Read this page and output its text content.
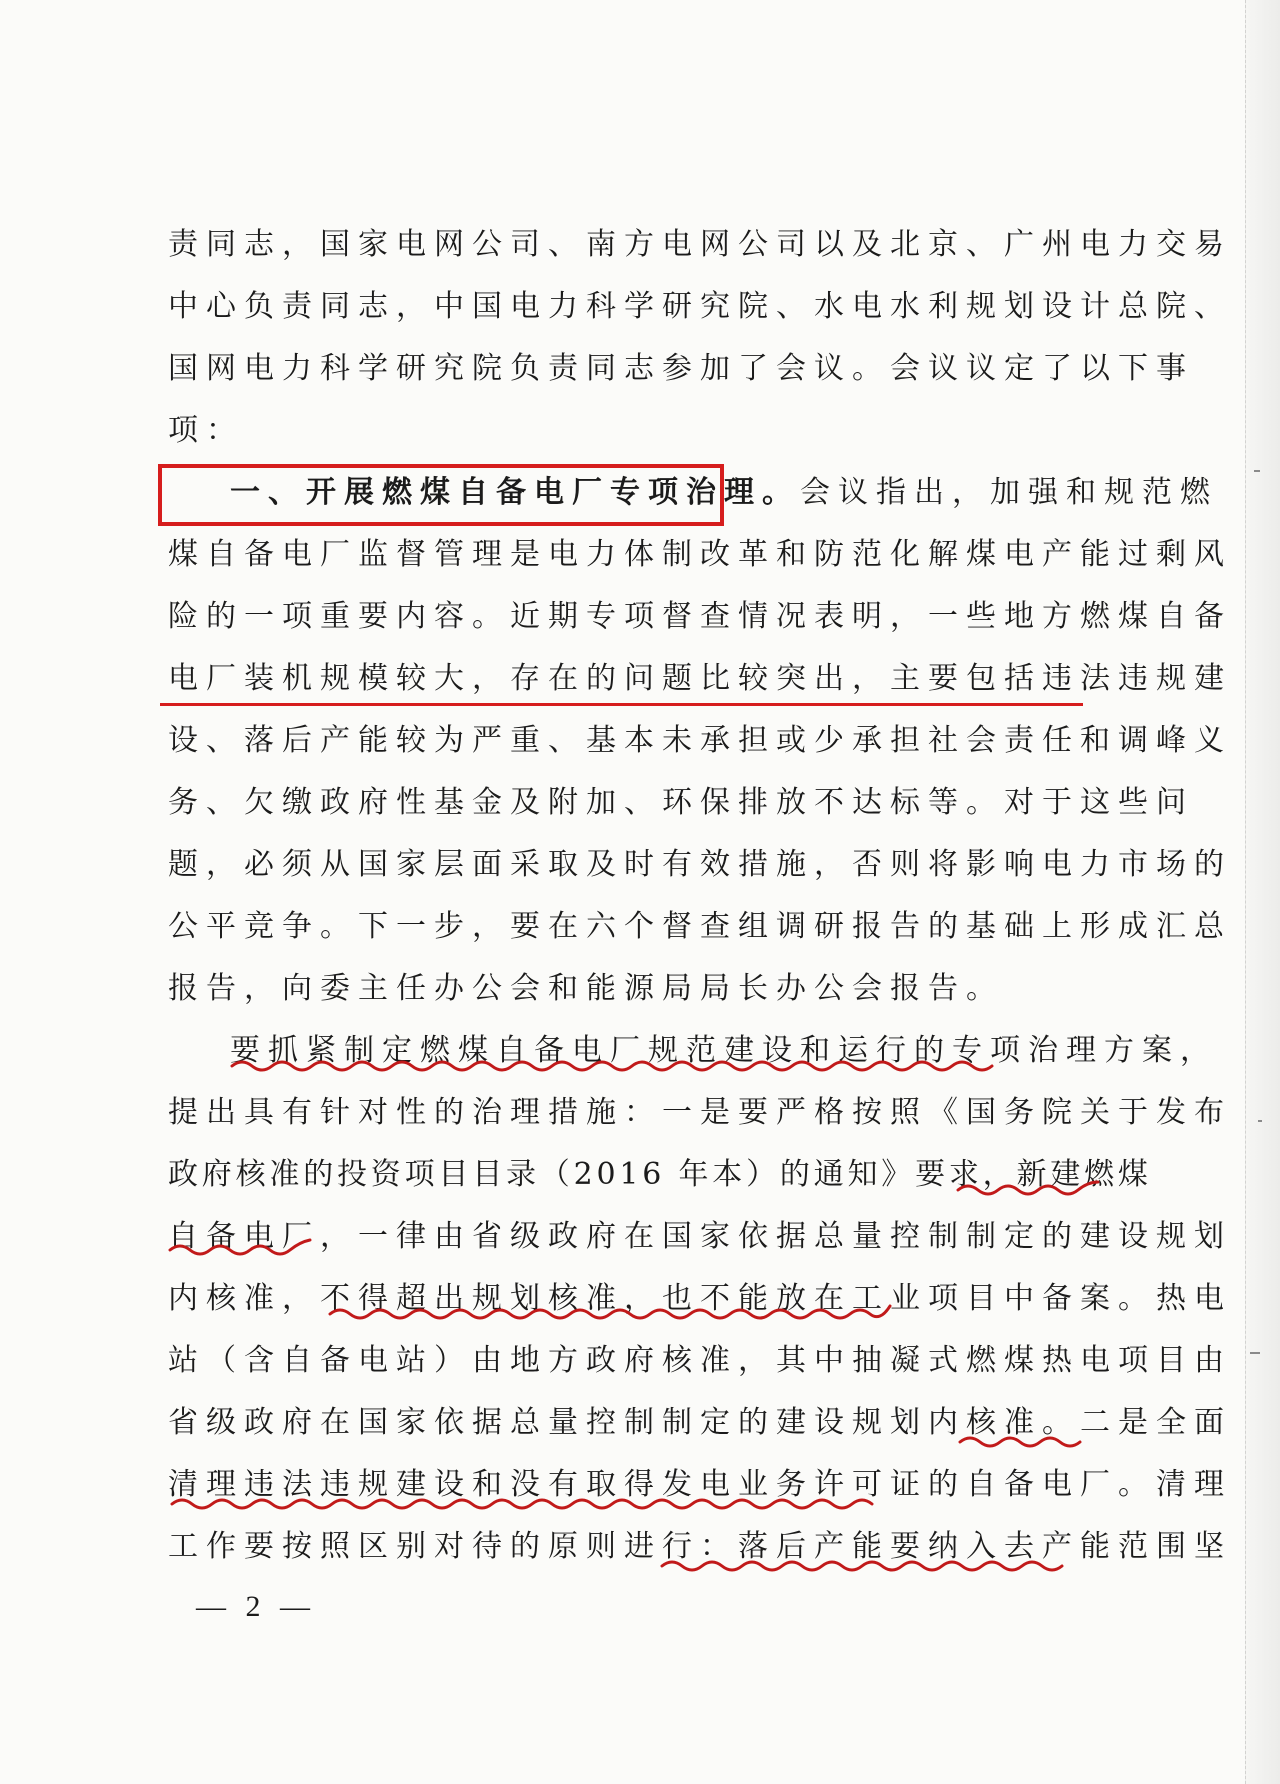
责同志，国家电网公司、南方电网公司以及北京、广州电力交易
中心负责同志，中国电力科学研究院、水电水利规划设计总院、
国网电力科学研究院负责同志参加了会议。会议议定了以下事
项：
一、开展燃煤自备电厂专项治理。会议指出，加强和规范燃
煤自备电厂监督管理是电力体制改革和防范化解煤电产能过剩风
险的一项重要内容。近期专项督查情况表明，一些地方燃煤自备
电厂装机规模较大，存在的问题比较突出，主要包括违法违规建
设、落后产能较为严重、基本未承担或少承担社会责任和调峰义
务、欠缴政府性基金及附加、环保排放不达标等。对于这些问
题，必须从国家层面采取及时有效措施，否则将影响电力市场的
公平竞争。下一步，要在六个督查组调研报告的基础上形成汇总
报告，向委主任办公会和能源局局长办公会报告。
要抓紧制定燃煤自备电厂规范建设和运行的专项治理方案，
提出具有针对性的治理措施：一是要严格按照《国务院关于发布
政府核准的投资项目目录（2016 年本）的通知》要求，新建燃煤
自备电厂，一律由省级政府在国家依据总量控制制定的建设规划
内核准，不得超出规划核准，也不能放在工业项目中备案。热电
站（含自备电站）由地方政府核准，其中抽凝式燃煤热电项目由
省级政府在国家依据总量控制制定的建设规划内核准。二是全面
清理违法违规建设和没有取得发电业务许可证的自备电厂。清理
工作要按照区别对待的原则进行：落后产能要纳入去产能范围坚
— 2 —
